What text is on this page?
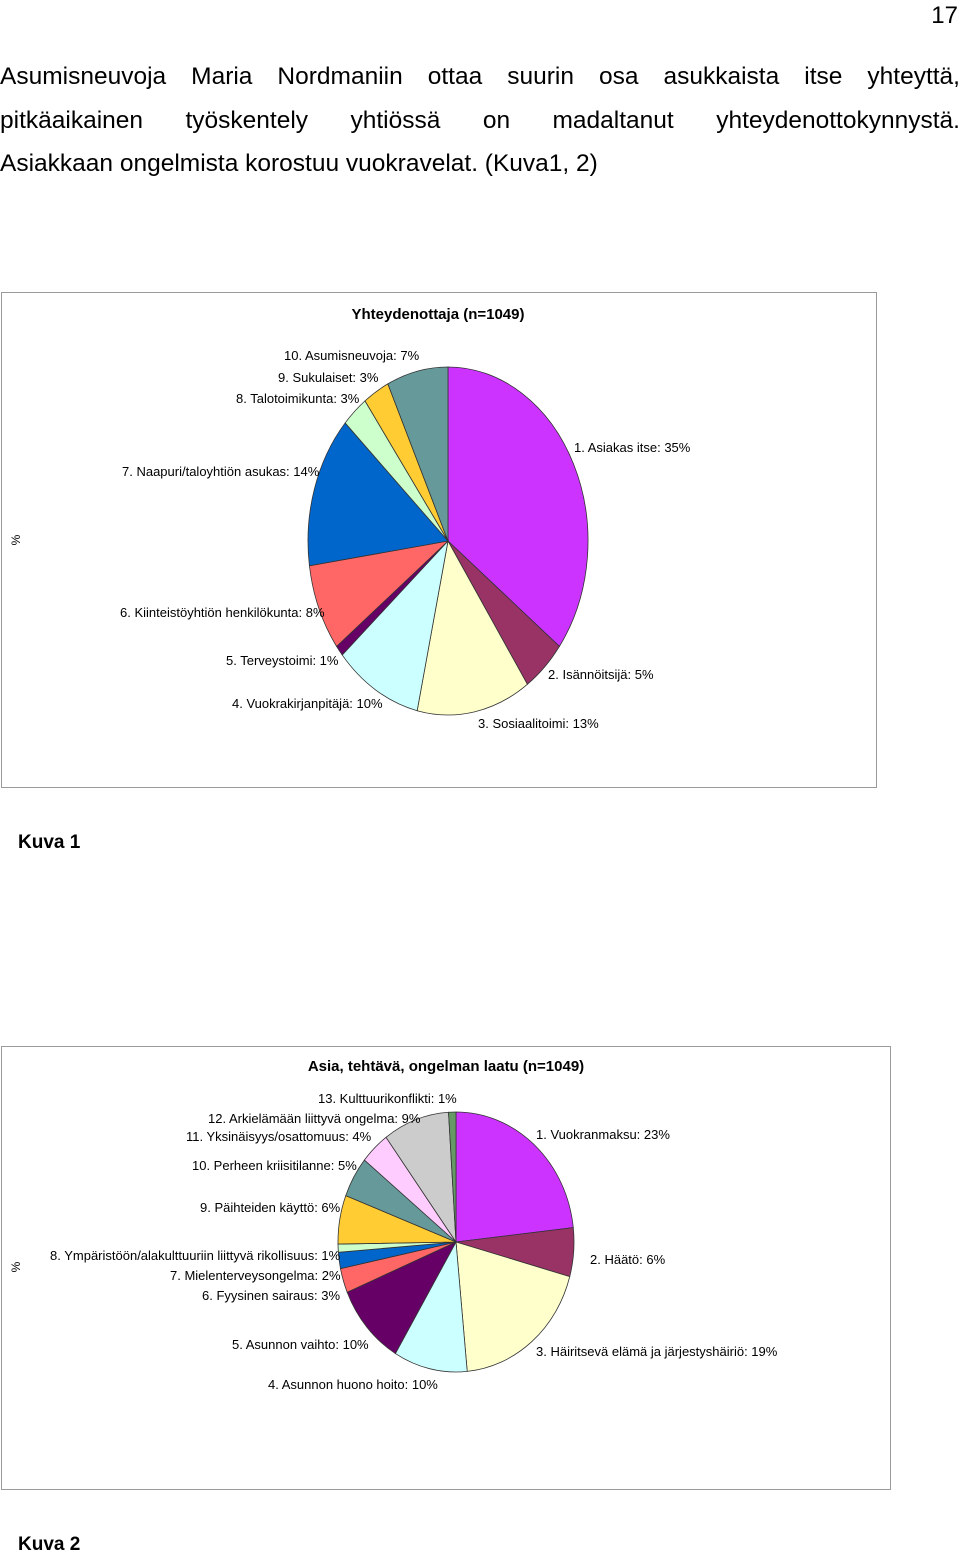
17

Asumisneuvoja Maria Nordmaniin ottaa suurin osa asukkaista itse yhteyttä,
pitkäaikainen työskentely yhtiössä on madaltanut yhteydenottokynnystä.
Asiakkaan ongelmista korostuu vuokravelat. (Kuva1, 2)

Yhteydenottaja (n=1049)
%
1. Asiakas itse: 35%
2. Isännöitsijä: 5%
3. Sosiaalitoimi: 13%
4. Vuokrakirjanpitäjä: 10%
5. Terveystoimi: 1%
6. Kiinteistöyhtiön henkilökunta: 8%
7. Naapuri/taloyhtiön asukas: 14%
8. Talotoimikunta: 3%
9. Sukulaiset: 3%
10. Asumisneuvoja: 7%
Kuva 1
Asia, tehtävä, ongelman laatu (n=1049)
%
1. Vuokranmaksu: 23%
2. Häätö: 6%
3. Häiritsevä elämä ja järjestyshäiriö: 19%
4. Asunnon huono hoito: 10%
5. Asunnon vaihto: 10%
6. Fyysinen sairaus: 3%
7. Mielenterveysongelma: 2%
8. Ympäristöön/alakulttuuriin liittyvä rikollisuus: 1%
9. Päihteiden käyttö: 6%
10. Perheen kriisitilanne: 5%
11. Yksinäisyys/osattomuus: 4%
12. Arkielämään liittyvä ongelma: 9%
13. Kulttuurikonflikti: 1%
Kuva 2
